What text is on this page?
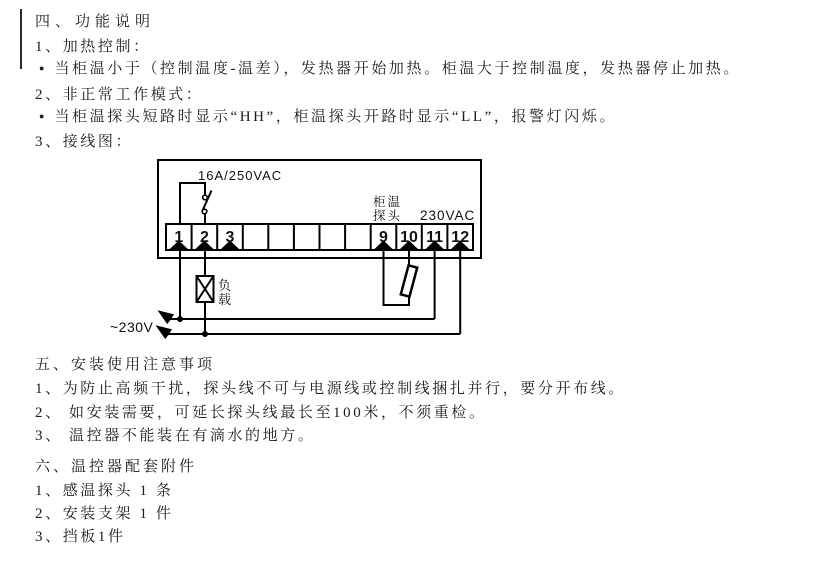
四、功能说明
1、加热控制：
● 当柜温小于（控制温度-温差），发热器开始加热。柜温大于控制温度，发热器停止加热。
2、非正常工作模式：
● 当柜温探头短路时显示“HH”，柜温探头开路时显示“LL”，报警灯闪烁。
3、接线图：
16A/250VAC
柜温
探头 230VAC
1 2 3	9 10 11 12
负
载
~230V
五、安装使用注意事项
1、为防止高频干扰，探头线不可与电源线或控制线捆扎并行，要分开布线。
2、 如安装需要，可延长探头线最长至100米，不须重检。
3、 温控器不能装在有滴水的地方。
六、温控器配套附件
1、感温探头 1 条
2、安装支架 1 件
3、挡板1件
